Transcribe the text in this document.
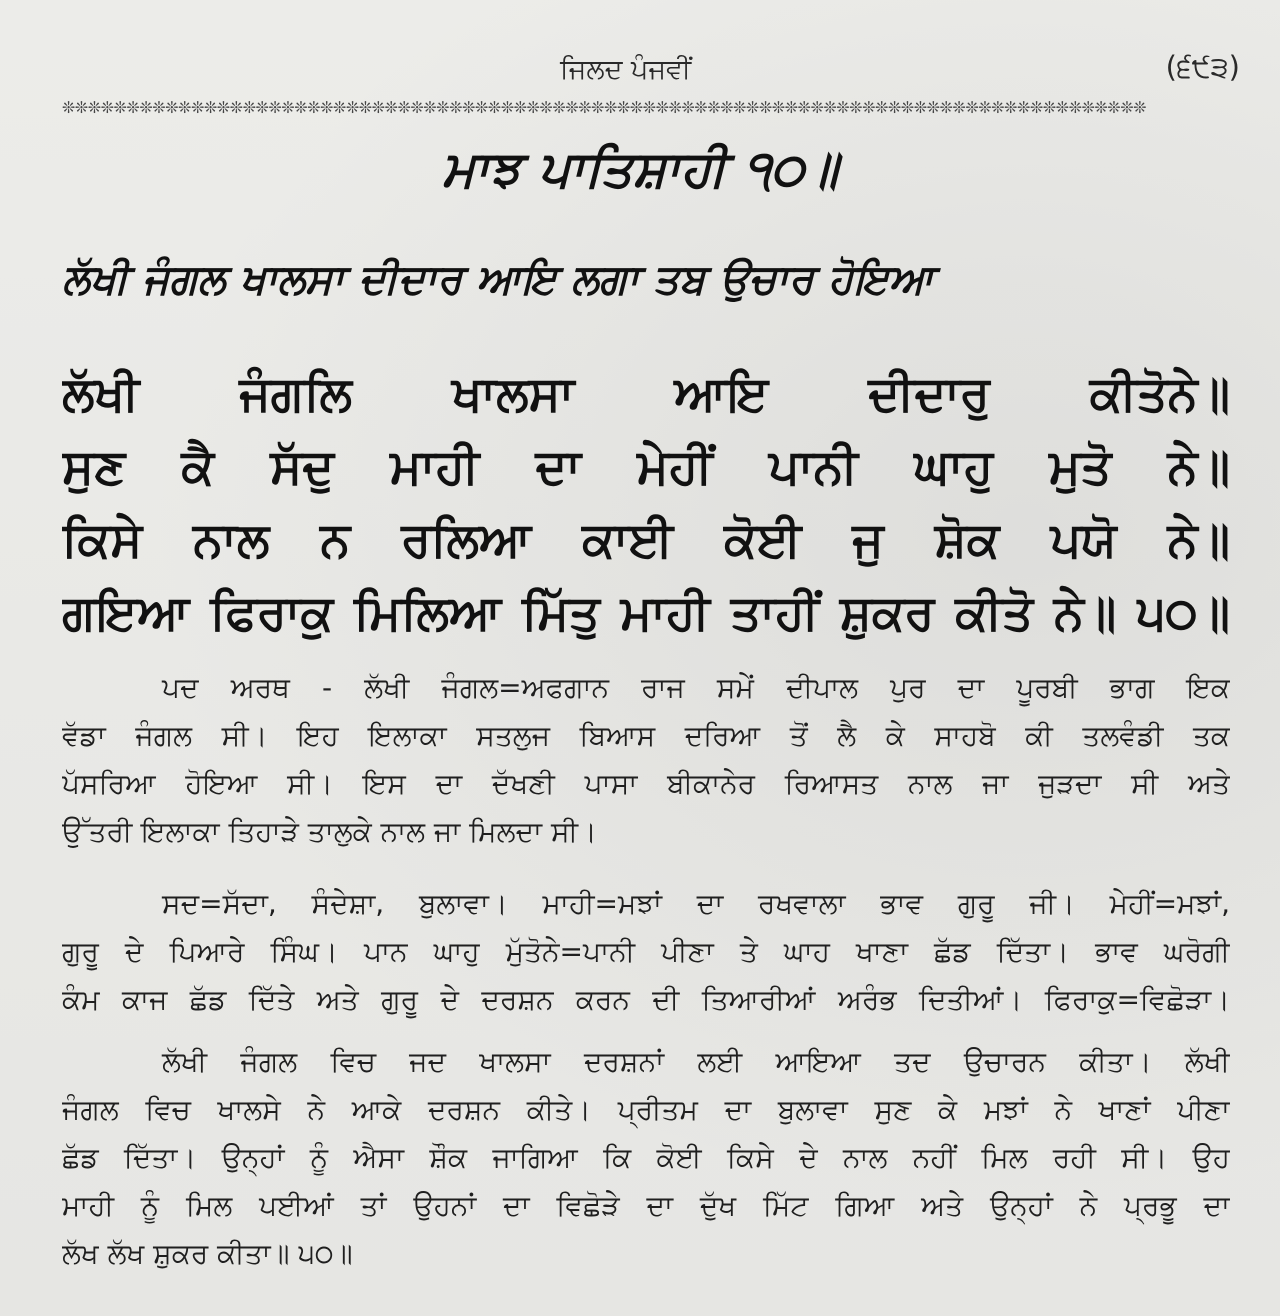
ਜਿਲਦ ਪੰਜਵੀਂ	(੬੯੩)
❊❊❊❊❊❊❊❊❊❊❊❊❊❊❊❊❊❊❊❊❊❊❊❊❊❊❊❊❊❊❊❊❊❊❊❊❊❊❊❊❊❊❊❊❊❊❊❊❊❊❊❊❊❊❊❊❊❊❊❊❊❊❊❊❊❊❊❊❊❊❊❊❊❊❊❊❊❊❊❊❊❊❊❊
ਮਾਝ ਪਾਤਿਸ਼ਾਹੀ ੧੦॥
ਲੱਖੀ ਜੰਗਲ ਖਾਲਸਾ ਦੀਦਾਰ ਆਇ ਲਗਾ ਤਬ ਉਚਾਰ ਹੋਇਆ
ਲੱਖੀ ਜੰਗਲਿ ਖਾਲਸਾ ਆਇ ਦੀਦਾਰੁ ਕੀਤੋਨੇ॥
ਸੁਣ ਕੈ ਸੱਦੁ ਮਾਹੀ ਦਾ ਮੇਹੀਂ ਪਾਨੀ ਘਾਹੁ ਮੁਤੋ ਨੇ॥
ਕਿਸੇ ਨਾਲ ਨ ਰਲਿਆ ਕਾਈ ਕੋਈ ਜੁ ਸ਼ੋਕ ਪਯੋ ਨੇ॥
ਗਇਆ ਫਿਰਾਕੁ ਮਿਲਿਆ ਮਿੱਤੁ ਮਾਹੀ ਤਾਹੀਂ ਸ਼ੁਕਰ ਕੀਤੋ ਨੇ॥ ੫੦॥
ਪਦ ਅਰਥ - ਲੱਖੀ ਜੰਗਲ=ਅਫਗਾਨ ਰਾਜ ਸਮੇਂ ਦੀਪਾਲ ਪੁਰ ਦਾ ਪੂਰਬੀ ਭਾਗ ਇਕ
ਵੱਡਾ ਜੰਗਲ ਸੀ। ਇਹ ਇਲਾਕਾ ਸਤਲੁਜ ਬਿਆਸ ਦਰਿਆ ਤੋਂ ਲੈ ਕੇ ਸਾਹਬੋ ਕੀ ਤਲਵੰਡੀ ਤਕ
ਪੱਸਰਿਆ ਹੋਇਆ ਸੀ। ਇਸ ਦਾ ਦੱਖਣੀ ਪਾਸਾ ਬੀਕਾਨੇਰ ਰਿਆਸਤ ਨਾਲ ਜਾ ਜੁੜਦਾ ਸੀ ਅਤੇ
ਉੱਤਰੀ ਇਲਾਕਾ ਤਿਹਾੜੇ ਤਾਲੁਕੇ ਨਾਲ ਜਾ ਮਿਲਦਾ ਸੀ।
ਸਦ=ਸੱਦਾ, ਸੰਦੇਸ਼ਾ, ਬੁਲਾਵਾ। ਮਾਹੀ=ਮਝਾਂ ਦਾ ਰਖਵਾਲਾ ਭਾਵ ਗੁਰੂ ਜੀ। ਮੇਹੀਂ=ਮਝਾਂ,
ਗੁਰੂ ਦੇ ਪਿਆਰੇ ਸਿੰਘ। ਪਾਨ ਘਾਹੁ ਮੁੱਤੋਨੇ=ਪਾਨੀ ਪੀਣਾ ਤੇ ਘਾਹ ਖਾਣਾ ਛੱਡ ਦਿੱਤਾ। ਭਾਵ ਘਰੋਗੀ
ਕੰਮ ਕਾਜ ਛੱਡ ਦਿੱਤੇ ਅਤੇ ਗੁਰੂ ਦੇ ਦਰਸ਼ਨ ਕਰਨ ਦੀ ਤਿਆਰੀਆਂ ਅਰੰਭ ਦਿਤੀਆਂ। ਫਿਰਾਕੁ=ਵਿਛੋੜਾ।
ਲੱਖੀ ਜੰਗਲ ਵਿਚ ਜਦ ਖਾਲਸਾ ਦਰਸ਼ਨਾਂ ਲਈ ਆਇਆ ਤਦ ਉਚਾਰਨ ਕੀਤਾ। ਲੱਖੀ
ਜੰਗਲ ਵਿਚ ਖਾਲਸੇ ਨੇ ਆਕੇ ਦਰਸ਼ਨ ਕੀਤੇ। ਪ੍ਰੀਤਮ ਦਾ ਬੁਲਾਵਾ ਸੁਣ ਕੇ ਮਝਾਂ ਨੇ ਖਾਣਾਂ ਪੀਣਾ
ਛੱਡ ਦਿੱਤਾ। ਉਨ੍ਹਾਂ ਨੂੰ ਐਸਾ ਸ਼ੌਕ ਜਾਗਿਆ ਕਿ ਕੋਈ ਕਿਸੇ ਦੇ ਨਾਲ ਨਹੀਂ ਮਿਲ ਰਹੀ ਸੀ। ਉਹ
ਮਾਹੀ ਨੂੰ ਮਿਲ ਪਈਆਂ ਤਾਂ ਉਹਨਾਂ ਦਾ ਵਿਛੋੜੇ ਦਾ ਦੁੱਖ ਮਿੱਟ ਗਿਆ ਅਤੇ ਉਨ੍ਹਾਂ ਨੇ ਪ੍ਰਭੂ ਦਾ
ਲੱਖ ਲੱਖ ਸ਼ੁਕਰ ਕੀਤਾ॥ ੫੦॥
